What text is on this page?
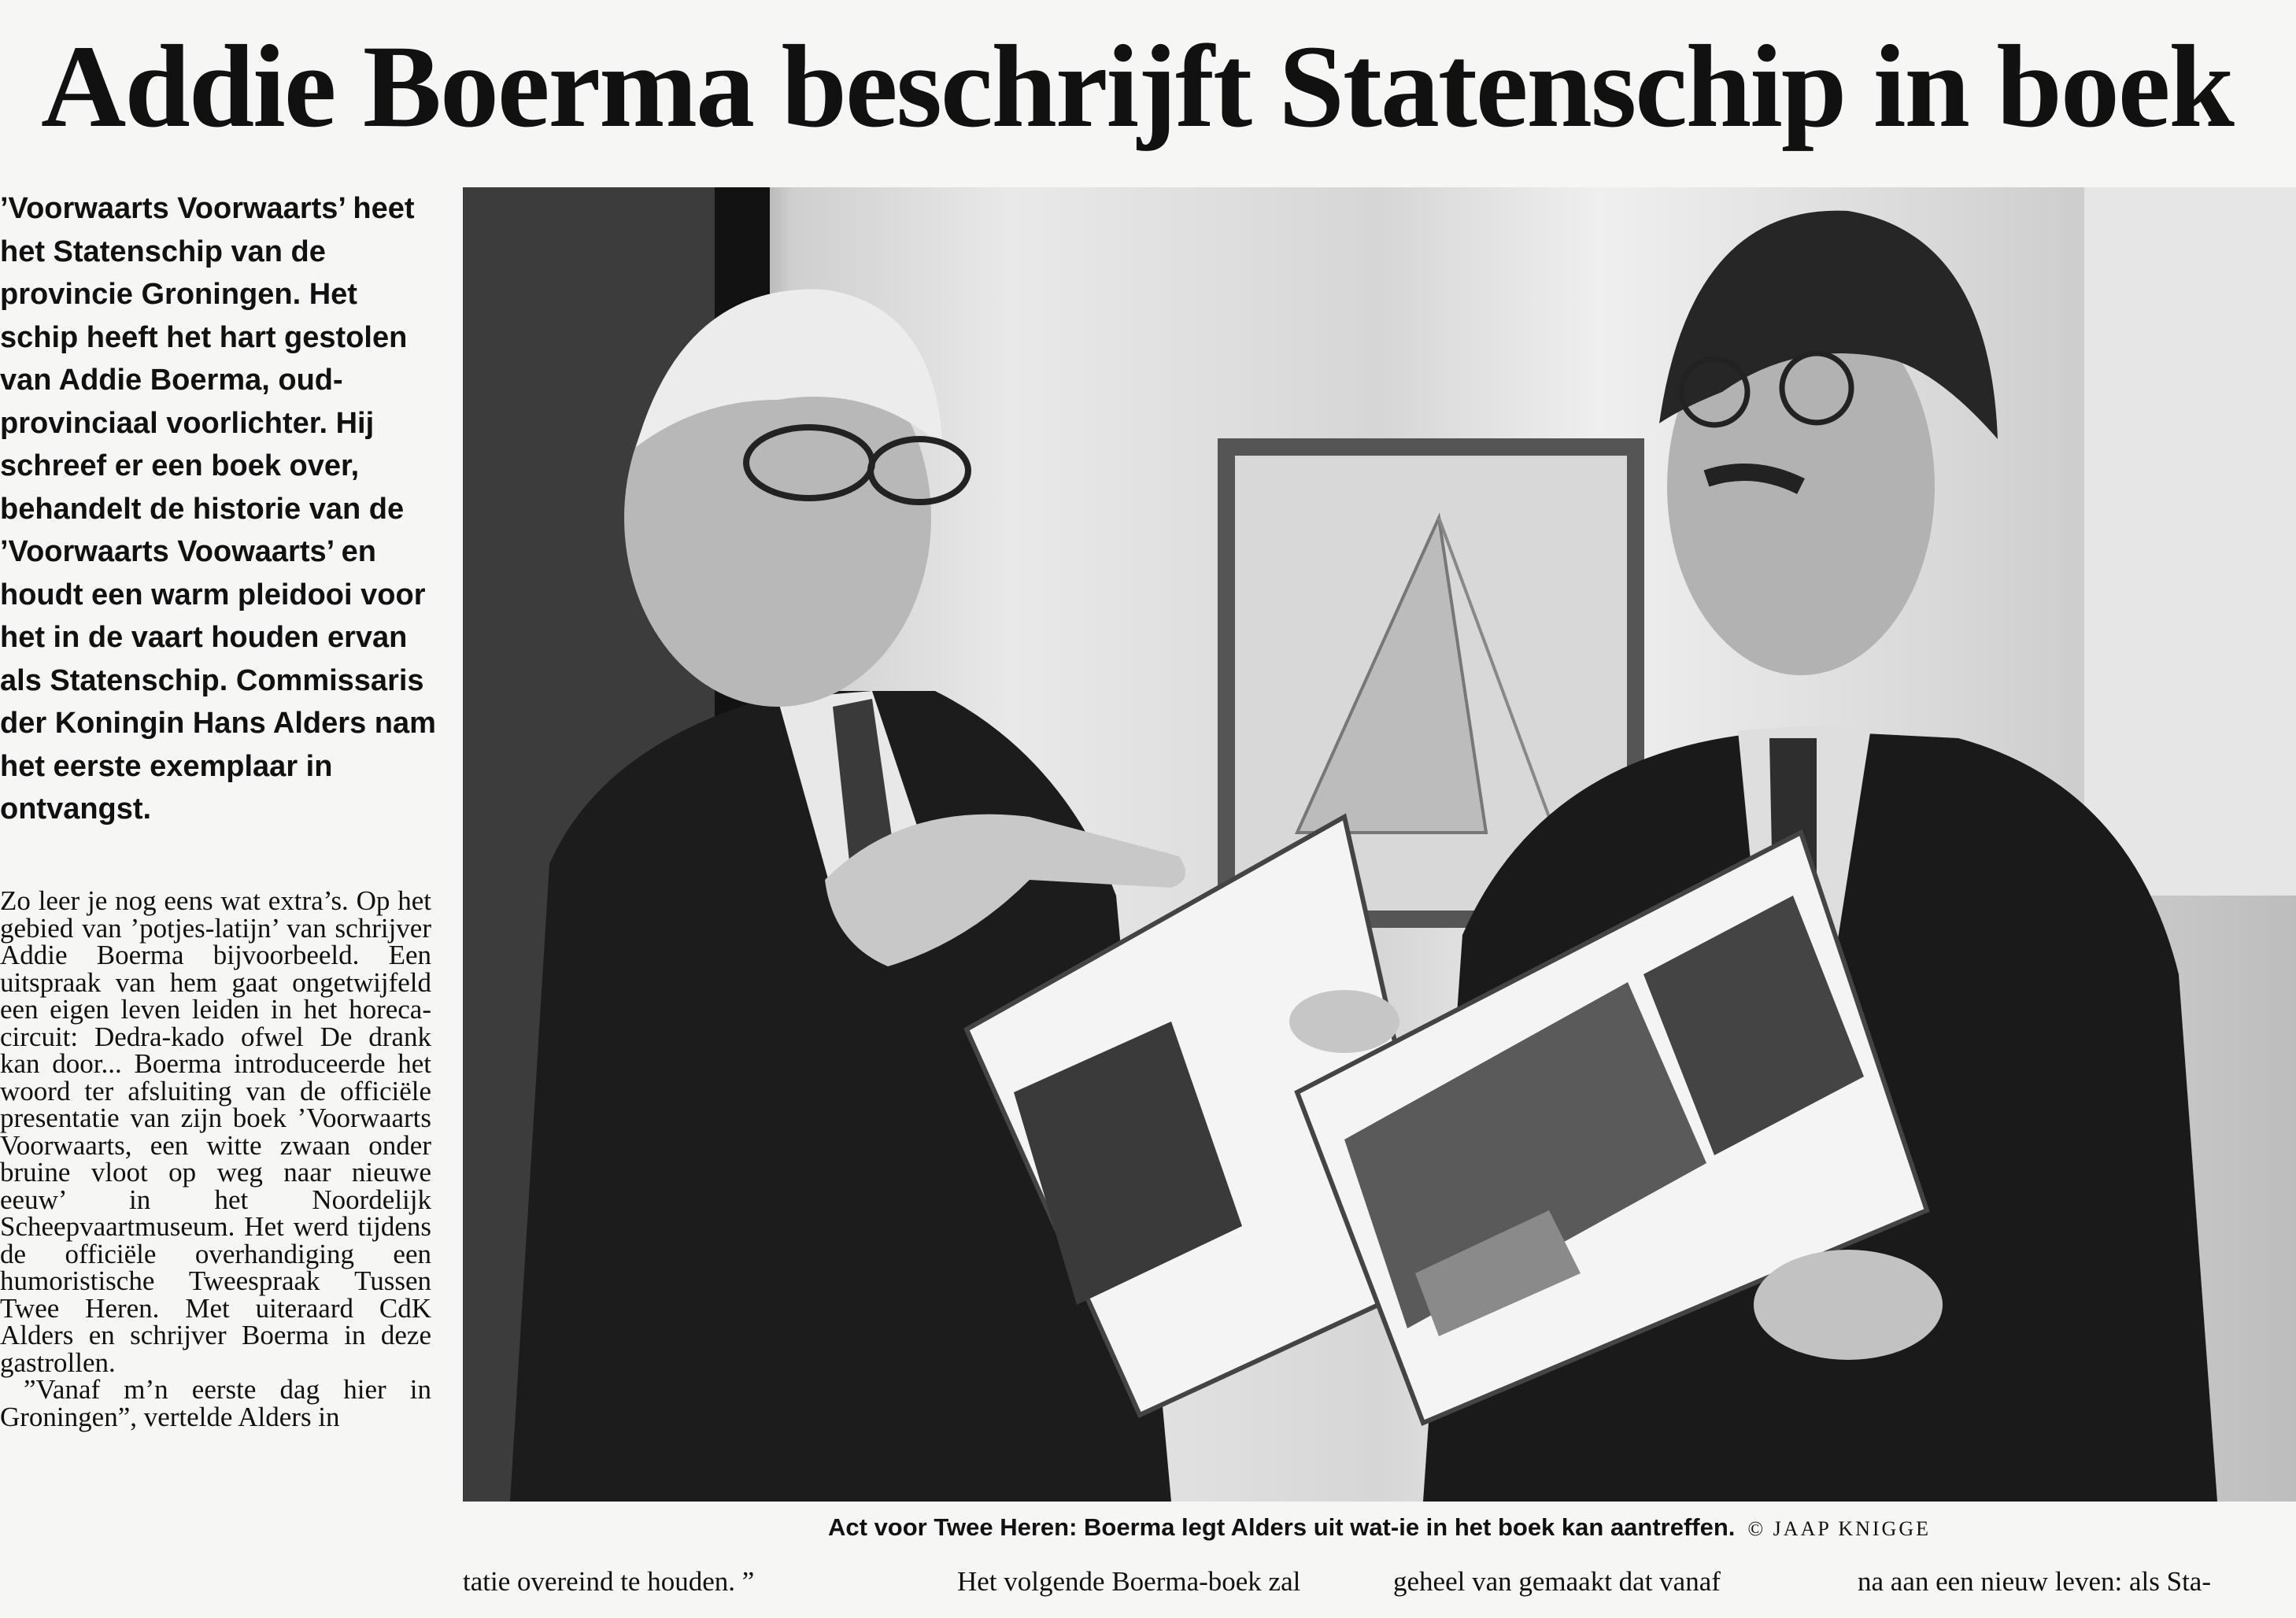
Addie Boerma beschrijft Statenschip in boek

’Voorwaarts Voorwaarts’ heet het Statenschip van de provincie Groningen. Het schip heeft het hart gestolen van Addie Boerma, oud-provinciaal voorlichter. Hij schreef er een boek over, behandelt de historie van de ’Voorwaarts Voowaarts’ en houdt een warm pleidooi voor het in de vaart houden ervan als Statenschip. Commissaris der Koningin Hans Alders nam het eerste exemplaar in ontvangst.

Zo leer je nog eens wat extra’s. Op het gebied van ’potjes-latijn’ van schrijver Addie Boerma bijvoorbeeld. Een uitspraak van hem gaat ongetwijfeld een eigen leven leiden in het horeca-circuit: Dedra-kado ofwel De drank kan door... Boerma introduceerde het woord ter afsluiting van de officiële presentatie van zijn boek ’Voorwaarts Voorwaarts, een witte zwaan onder bruine vloot op weg naar nieuwe eeuw’ in het Noordelijk Scheepvaartmuseum. Het werd tijdens de officiële overhandiging een humoristische Tweespraak Tussen Twee Heren. Met uiteraard CdK Alders en schrijver Boerma in deze gastrollen.

”Vanaf m’n eerste dag hier in Groningen”, vertelde Alders in

Act voor Twee Heren: Boerma legt Alders uit wat-ie in het boek kan aantreffen. © JAAP KNIGGE
tatie overeind te houden. ”	Het volgende Boerma-boek zal	geheel van gemaakt dat vanaf	na aan een nieuw leven: als Sta-
